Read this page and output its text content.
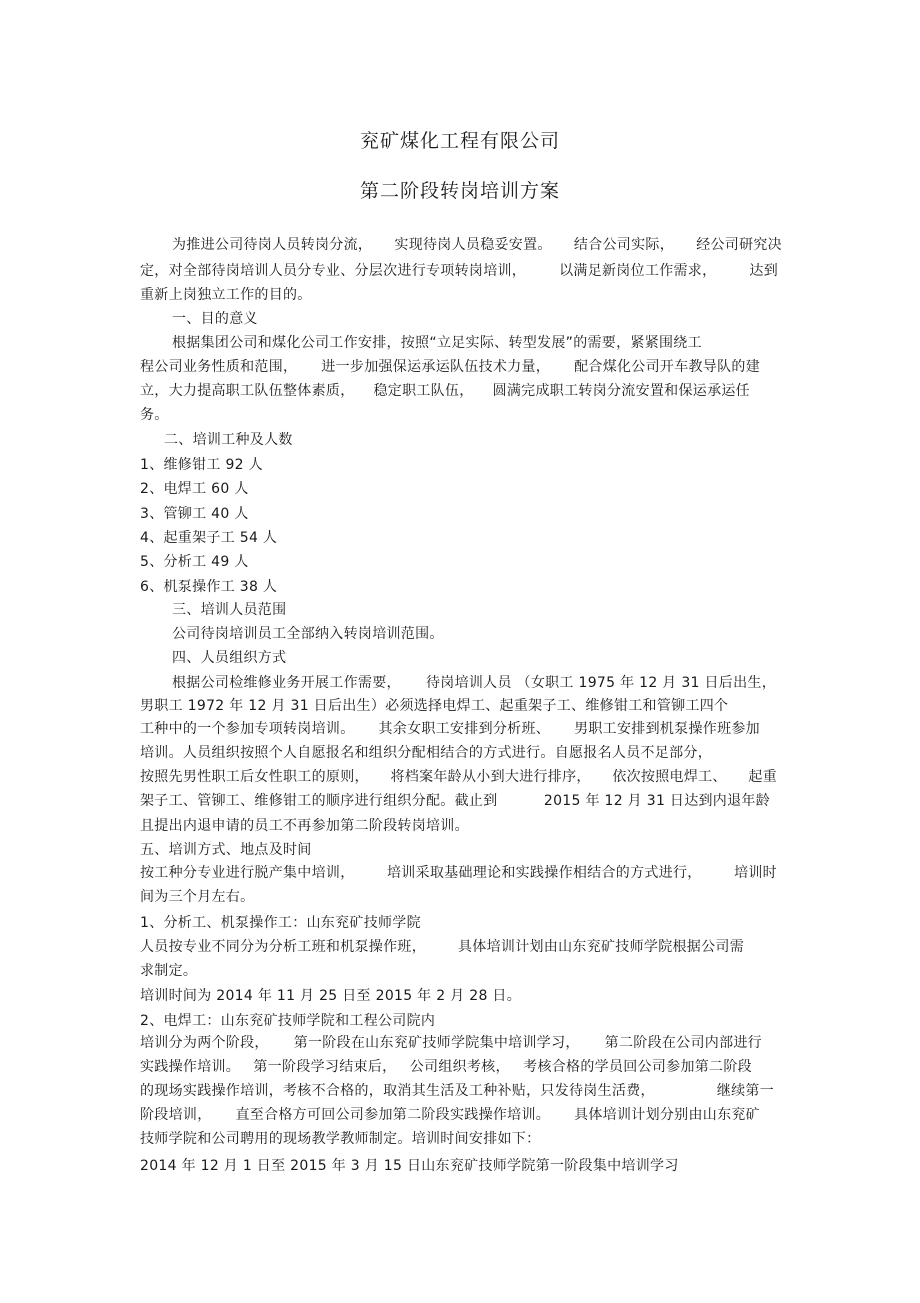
兖矿煤化工程有限公司
第二阶段转岗培训方案
为推进公司待岗人员转岗分流， 实现待岗人员稳妥安置。 结合公司实际， 经公司研究决
定，对全部待岗培训人员分专业、分层次进行专项转岗培训， 以满足新岗位工作需求， 达到
重新上岗独立工作的目的。
一、目的意义
根据集团公司和煤化公司工作安排，按照“立足实际、转型发展”的需要，紧紧围绕工
程公司业务性质和范围， 进一步加强保运承运队伍技术力量， 配合煤化公司开车教导队的建
立，大力提高职工队伍整体素质， 稳定职工队伍， 圆满完成职工转岗分流安置和保运承运任
务。
二、培训工种及人数
1、维修钳工 92 人
2、电焊工 60 人
3、管铆工 40 人
4、起重架子工 54 人
5、分析工 49 人
6、机泵操作工 38 人
三、培训人员范围
公司待岗培训员工全部纳入转岗培训范围。
四、人员组织方式
根据公司检维修业务开展工作需要， 待岗培训人员 （女职工 1975 年 12 月 31 日后出生，
男职工 1972 年 12 月 31 日后出生）必须选择电焊工、起重架子工、维修钳工和管铆工四个
工种中的一个参加专项转岗培训。 其余女职工安排到分析班、 男职工安排到机泵操作班参加
培训。人员组织按照个人自愿报名和组织分配相结合的方式进行。自愿报名人员不足部分，
按照先男性职工后女性职工的原则， 将档案年龄从小到大进行排序， 依次按照电焊工、 起重
架子工、管铆工、维修钳工的顺序进行组织分配。截止到	2015 年 12 月 31 日达到内退年龄
且提出内退申请的员工不再参加第二阶段转岗培训。
五、培训方式、地点及时间
按工种分专业进行脱产集中培训， 培训采取基础理论和实践操作相结合的方式进行， 培训时
间为三个月左右。
1、分析工、机泵操作工：山东兖矿技师学院
人员按专业不同分为分析工班和机泵操作班， 具体培训计划由山东兖矿技师学院根据公司需
求制定。
培训时间为 2014 年 11 月 25 日至 2015 年 2 月 28 日。
2、电焊工：山东兖矿技师学院和工程公司院内
培训分为两个阶段， 第一阶段在山东兖矿技师学院集中培训学习， 第二阶段在公司内部进行
实践操作培训。 第一阶段学习结束后， 公司组织考核， 考核合格的学员回公司参加第二阶段
的现场实践操作培训，考核不合格的，取消其生活及工种补贴，只发待岗生活费，	继续第一
阶段培训， 直至合格方可回公司参加第二阶段实践操作培训。 具体培训计划分别由山东兖矿
技师学院和公司聘用的现场教学教师制定。培训时间安排如下：
2014 年 12 月 1 日至 2015 年 3 月 15 日山东兖矿技师学院第一阶段集中培训学习
